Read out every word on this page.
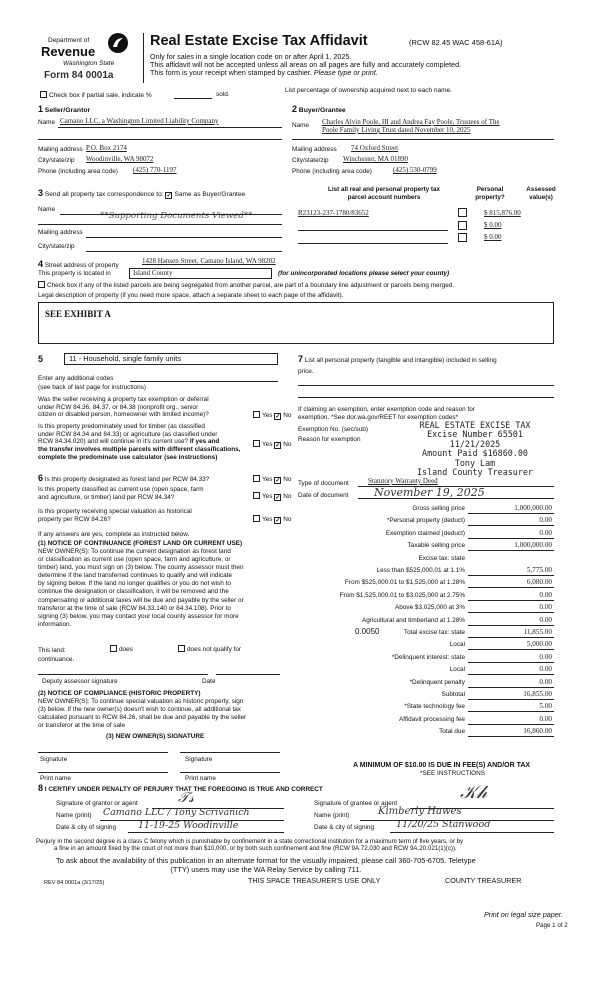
Department of
Revenue
Washington State
Form 84 0001a
Real Estate Excise Tax Affidavit	(RCW 82.45 WAC 458-61A)
Only for sales in a single location code on or after April 1, 2025.
This affidavit will not be accepted unless all areas on all pages are fully and accurately completed.
This form is your receipt when stamped by cashier. Please type or print.
Check box if partial sale, indicate %	sold.
List percentage of ownership acquired next to each name.
1 Seller/Grantor
Name Camano LLC, a Washington Limited Liability Company
Mailing address P.O. Box 2174
City/state/zip Woodinville, WA 98072
Phone (including area code) (425) 770-1197
2 Buyer/Grantee
Name Charles Alvin Poole, III and Andrea Fay Poole, Trustees of The
Poole Family Living Trust dated November 10, 2025
Mailing address 74 Oxford Street
City/state/zip Winchester, MA 01890
Phone (including area code)	(425) 530-0799
3 Send all property tax correspondence to: ✓ Same as Buyer/Grantee
Name
**Supporting Documents Viewed**
Mailing address
City/state/zip
List all real and personal property tax
parcel account numbers
Personal
property?
Assessed
value(s)
R23123-237-1780/83652	$ 815,876.00
$ 0.00
$ 0.00
4 Street address of property
1428 Hansen Street, Camano Island, WA 98282
This property is located in	Island County	(for unincorporated locations please select your county)
Check box if any of the listed parcels are being segregated from another parcel, are part of a boundary line adjustment or parcels being merged.
Legal description of property (if you need more space, attach a separate sheet to each page of the affidavit).
SEE EXHIBIT A
5	11 - Household, single family units
Enter any additional codes
(see back of last page for instructions)
Was the seller receiving a property tax exemption or deferral
under RCW 84.36, 84.37, or 84.38 (nonprofit org., senior
citizen or disabled person, homeowner with limited income)?	Yes ✓ No
Is this property predominately used for timber (as classified
under RCW 84.34 and 84.33) or agriculture (as classified under
RCW 84.34.020) and will continue in it's current use? If yes and
the transfer involves multiple parcels with different classifications,
complete the predominate use calculator (see instructions)
Yes ✓ No
6 Is this property designated as forest land per RCW 84.33?	Yes ✓ No
Is this property classified as current use (open space, farm
and agriculture, or timber) land per RCW 84.34?	Yes ✓ No
Is this property receiving special valuation as historical
property per RCW 84.26?	Yes ✓ No
If any answers are yes, complete as instructed below.
(1) NOTICE OF CONTINUANCE (FOREST LAND OR CURRENT USE)
NEW OWNER(S): To continue the current designation as forest land
or classification as current use (open space, farm and agriculture, or
timber) land, you must sign on (3) below. The county assessor must then
determine if the land transferred continues to qualify and will indicate
by signing below. If the land no longer qualifies or you do not wish to
continue the designation or classification, it will be removed and the
compensating or additional taxes will be due and payable by the seller or
transferor at the time of sale (RCW 84.33.140 or 84.34.108). Prior to
signing (3) below, you may contact your local county assessor for more
information.
This land:	does	does not qualify for
continuance.
Deputy assessor signature	Date
(2) NOTICE OF COMPLIANCE (HISTORIC PROPERTY)
NEW OWNER(S): To continue special valuation as historic property, sign
(3) below. If the new owner(s) doesn't wish to continue, all additional tax
calculated pursuant to RCW 84.26, shall be due and payable by the seller
or transferor at the time of sale
(3) NEW OWNER(S) SIGNATURE
Signature	Signature
Print name	Print name
7 List all personal property (tangible and intangible) included in selling
price.
If claiming an exemption, enter exemption code and reason for
exemption. *See dor.wa.gov/REET for exemption codes*
Exemption No. (sec/sub)
Reason for exemption
REAL ESTATE EXCISE TAX
Excise Number 65501
11/21/2025
Amount Paid $16860.00
Tony Lam
Island County Treasurer
Type of document	Statutory Warranty Deed
Date of document November 19, 2025
Gross selling price	1,000,000.00
*Personal property (deduct)	0.00
Exemption claimed (deduct)	0.00
Taxable selling price	1,000,000.00
Excise tax: state
Less than $525,000.01 at 1.1%	5,775.00
From $525,000.01 to $1,525,000 at 1.28%	6,080.00
From $1,525,000.01 to $3,025,000 at 2.75%	0.00
Above $3,025,000 at 3%	0.00
Agricultural and timberland at 1.28%	0.00
Total excise tax: state	11,855.00
Local	5,000.00
*Delinquent interest: state	0.00
Local	0.00
*Delinquent penalty	0.00
Subtotal	16,855.00
*State technology fee	5.00
Affidavit processing fee	0.00
Total due	16,860.00
0.0050
A MINIMUM OF $10.00 IS DUE IN FEE(S) AND/OR TAX
*SEE INSTRUCTIONS
8 I CERTIFY UNDER PENALTY OF PERJURY THAT THE FOREGOING IS TRUE AND CORRECT
Signature of grantor or agent	𝒯𝓈
Name (print) Camano LLC / Tony Scrivanich
Date & city of signing 11-19-25 Woodinville
Signature of grantee or agent
𝒦𝒽
Name (print)	Kimberly Hawes
Date & city of signing 11/20/25 Stanwood
Perjury in the second degree is a class C felony which is punishable by confinement in a state correctional institution for a maximum term of five years, or by
a fine in an amount fixed by the court of not more than $10,000, or by both such confinement and fine (RCW 9A.72.030 and RCW 9A.20.021(1)(c)).
To ask about the availability of this publication in an alternate format for the visually impaired, please call 360-705-6705. Teletype
(TTY) users may use the WA Relay Service by calling 711.
REV 84 0001a (3/17/25)	THIS SPACE TREASURER'S USE ONLY	COUNTY TREASURER
Print on legal size paper.
Page 1 of 2
